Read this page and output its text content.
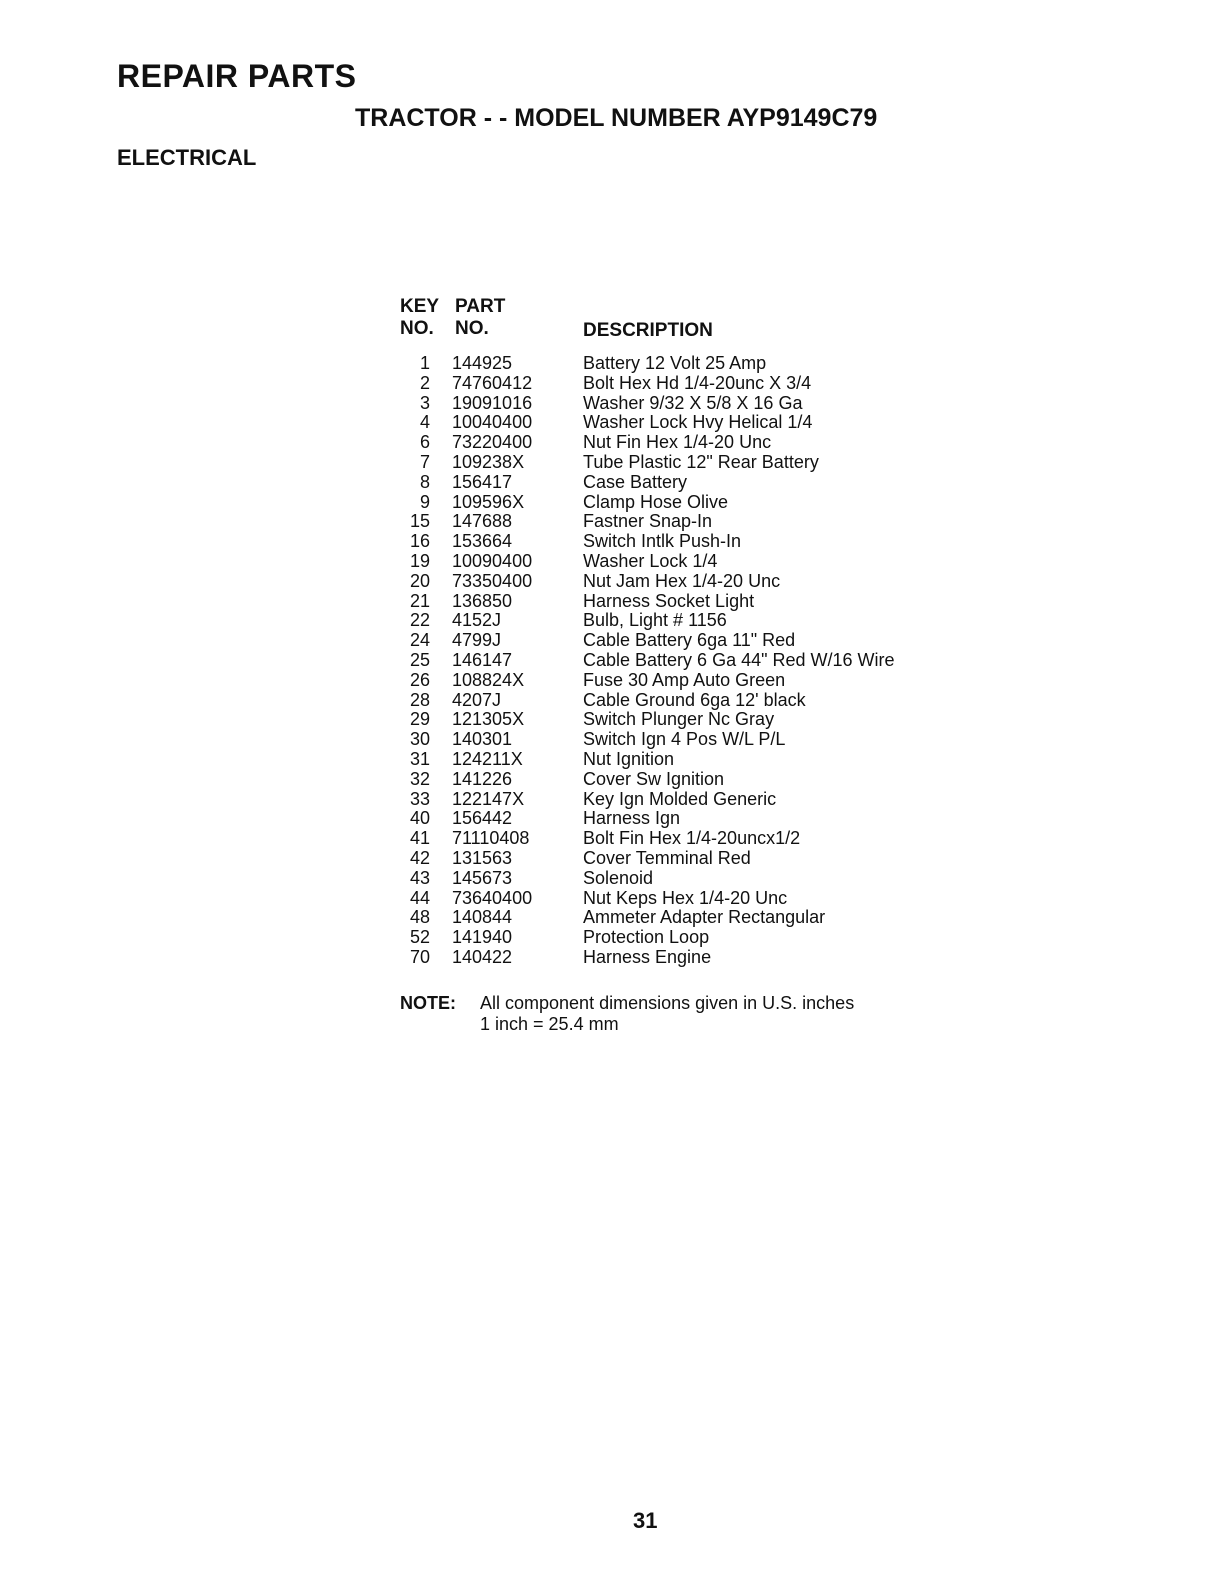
REPAIR PARTS
TRACTOR - - MODEL NUMBER AYP9149C79
ELECTRICAL
KEY
NO.
PART
NO.	DESCRIPTION
1 144925	Battery 12 Volt 25 Amp
2 74760412	Bolt Hex Hd 1/4-20unc X 3/4
3 19091016	Washer 9/32 X 5/8 X 16 Ga
4 10040400	Washer Lock Hvy Helical 1/4
6 73220400	Nut Fin Hex 1/4-20 Unc
7 109238X	Tube Plastic 12" Rear Battery
8 156417	Case Battery
9 109596X	Clamp Hose Olive
15 147688	Fastner Snap-In
16 153664	Switch Intlk Push-In
19 10090400	Washer Lock 1/4
20 73350400	Nut Jam Hex 1/4-20 Unc
21 136850	Harness Socket Light
22 4152J	Bulb, Light # 1156
24 4799J	Cable Battery 6ga 11" Red
25 146147	Cable Battery 6 Ga 44" Red W/16 Wire
26 108824X	Fuse 30 Amp Auto Green
28 4207J	Cable Ground 6ga 12' black
29 121305X	Switch Plunger Nc Gray
30 140301	Switch Ign 4 Pos W/L P/L
31 124211X	Nut Ignition
32 141226	Cover Sw Ignition
33 122147X	Key Ign Molded Generic
40 156442	Harness Ign
41 71110408	Bolt Fin Hex 1/4-20uncx1/2
42 131563	Cover Temminal Red
43 145673	Solenoid
44 73640400	Nut Keps Hex 1/4-20 Unc
48 140844	Ammeter Adapter Rectangular
52 141940	Protection Loop
70 140422	Harness Engine
NOTE: All component dimensions given in U.S. inches
1 inch = 25.4 mm
31
